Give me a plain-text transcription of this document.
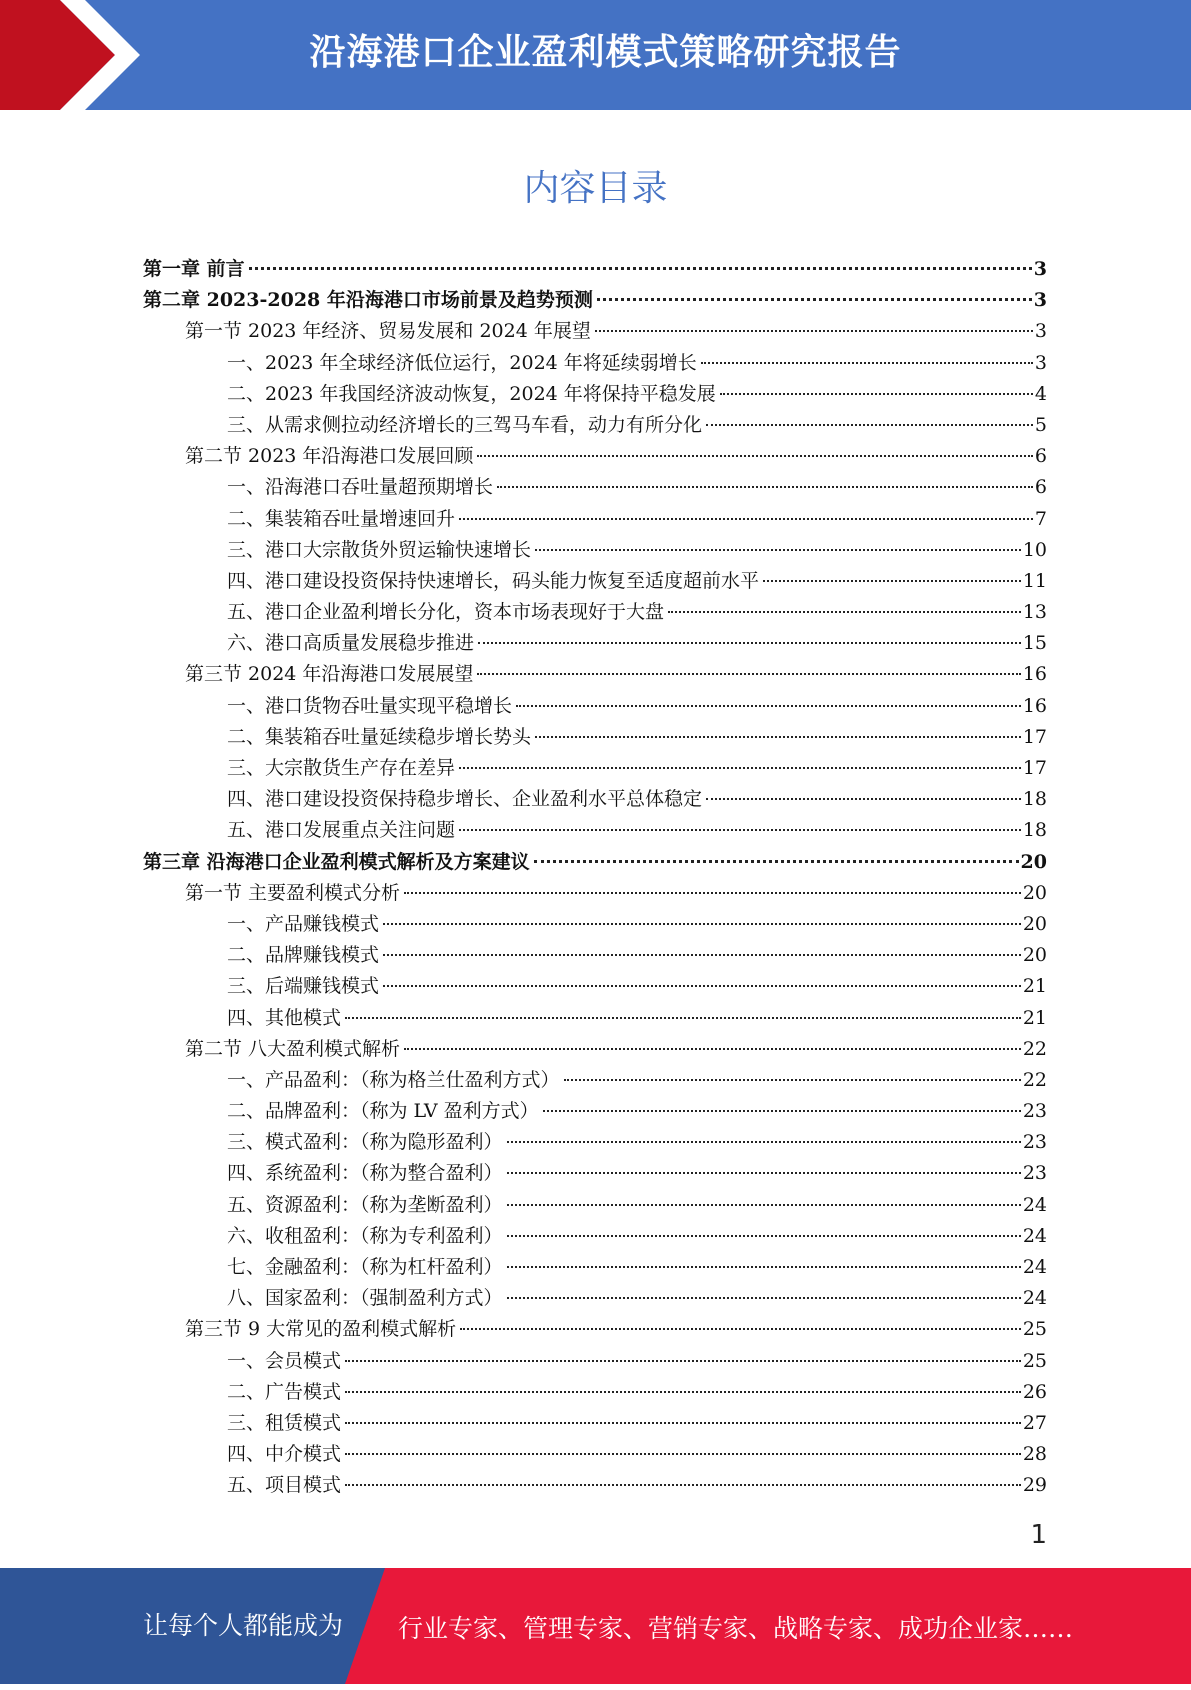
沿海港口企业盈利模式策略研究报告
内容目录
第一章 前言	3
第二章 2023-2028 年沿海港口市场前景及趋势预测	3
第一节 2023 年经济、贸易发展和 2024 年展望	3
一、2023 年全球经济低位运行，2024 年将延续弱增长	3
二、2023 年我国经济波动恢复，2024 年将保持平稳发展	4
三、从需求侧拉动经济增长的三驾马车看，动力有所分化	5
第二节 2023 年沿海港口发展回顾	6
一、沿海港口吞吐量超预期增长	6
二、集装箱吞吐量增速回升	7
三、港口大宗散货外贸运输快速增长	10
四、港口建设投资保持快速增长，码头能力恢复至适度超前水平	11
五、港口企业盈利增长分化，资本市场表现好于大盘	13
六、港口高质量发展稳步推进	15
第三节 2024 年沿海港口发展展望	16
一、港口货物吞吐量实现平稳增长	16
二、集装箱吞吐量延续稳步增长势头	17
三、大宗散货生产存在差异	17
四、港口建设投资保持稳步增长、企业盈利水平总体稳定	18
五、港口发展重点关注问题	18
第三章 沿海港口企业盈利模式解析及方案建议	20
第一节 主要盈利模式分析	20
一、产品赚钱模式	20
二、品牌赚钱模式	20
三、后端赚钱模式	21
四、其他模式	21
第二节 八大盈利模式解析	22
一、产品盈利：（称为格兰仕盈利方式）	22
二、品牌盈利：（称为 LV 盈利方式）	23
三、模式盈利：（称为隐形盈利）	23
四、系统盈利：（称为整合盈利）	23
五、资源盈利：（称为垄断盈利）	24
六、收租盈利：（称为专利盈利）	24
七、金融盈利：（称为杠杆盈利）	24
八、国家盈利：（强制盈利方式）	24
第三节 9 大常见的盈利模式解析	25
一、会员模式	25
二、广告模式	26
三、租赁模式	27
四、中介模式	28
五、项目模式	29
1
让每个人都能成为 行业专家、管理专家、营销专家、战略专家、成功企业家……
